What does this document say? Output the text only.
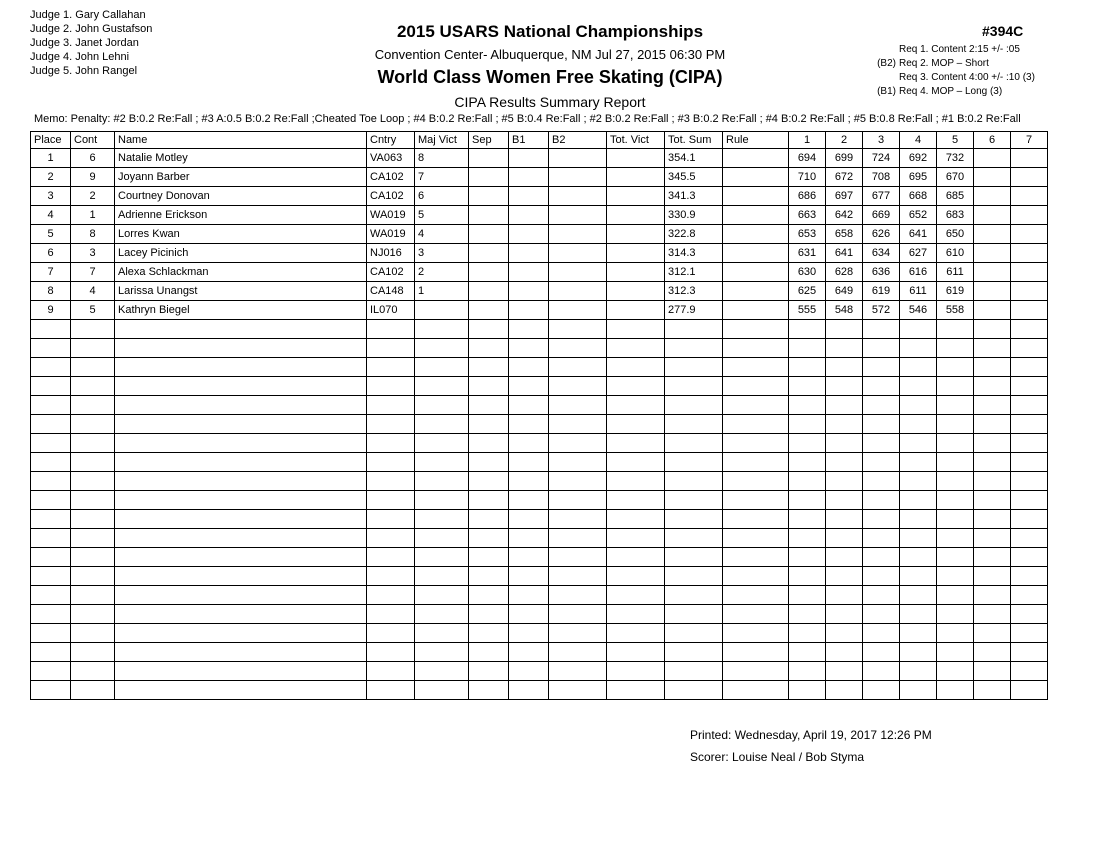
Judge 1. Gary Callahan
Judge 2. John Gustafson
Judge 3. Janet Jordan
Judge 4. John Lehni
Judge 5. John Rangel
2015 USARS National Championships
Convention Center- Albuquerque, NM Jul 27, 2015 06:30 PM
World Class Women Free Skating (CIPA)
CIPA Results Summary Report
#394C
Req 1. Content 2:15 +/- :05
(B2) Req 2. MOP – Short
Req 3. Content 4:00 +/- :10 (3)
(B1) Req 4. MOP – Long (3)
Memo: Penalty: #2 B:0.2 Re:Fall ; #3 A:0.5 B:0.2 Re:Fall ;Cheated Toe Loop ; #4 B:0.2 Re:Fall ; #5 B:0.4 Re:Fall ; #2 B:0.2 Re:Fall ; #3 B:0.2 Re:Fall ; #4 B:0.2 Re:Fall ; #5 B:0.8 Re:Fall ; #1 B:0.2 Re:Fall
Place	Cont	Name	Cntry	Maj Vict	Sep	B1	B2	Tot. Vict	Tot. Sum	Rule	1	2	3	4	5	6	7
1	6	Natalie Motley	VA063	8					354.1		694	699	724	692	732		
2	9	Joyann Barber	CA102	7					345.5		710	672	708	695	670		
3	2	Courtney Donovan	CA102	6					341.3		686	697	677	668	685		
4	1	Adrienne Erickson	WA019	5					330.9		663	642	669	652	683		
5	8	Lorres Kwan	WA019	4					322.8		653	658	626	641	650		
6	3	Lacey Picinich	NJ016	3					314.3		631	641	634	627	610		
7	7	Alexa Schlackman	CA102	2					312.1		630	628	636	616	611		
8	4	Larissa Unangst	CA148	1					312.3		625	649	619	611	619		
9	5	Kathryn Biegel	IL070						277.9		555	548	572	546	558		

Printed: Wednesday, April 19, 2017 12:26 PM
Scorer: Louise Neal / Bob Styma
